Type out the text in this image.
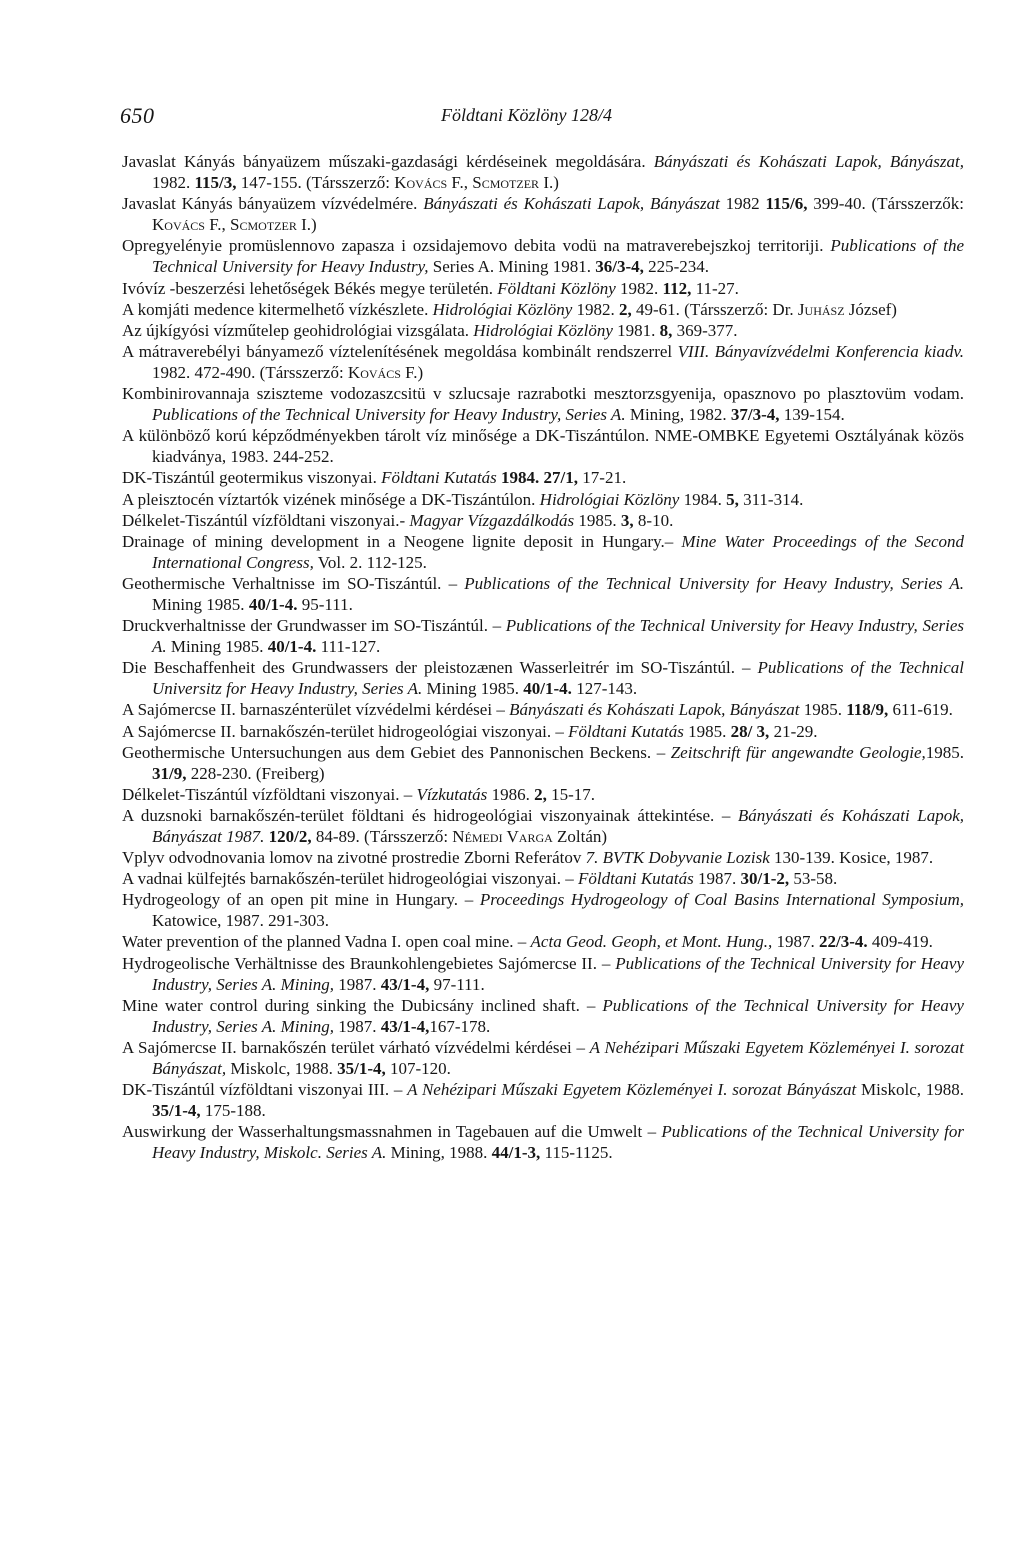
650	Földtani Közlöny 128/4
Javaslat Kányás bányaüzem műszaki-gazdasági kérdéseinek megoldására. Bányászati és Kohászati Lapok, Bányászat, 1982. 115/3, 147-155. (Társszerző: Kovács F., Scmotzer I.)
Javaslat Kányás bányaüzem vízvédelmére. Bányászati és Kohászati Lapok, Bányászat 1982 115/6, 399-40. (Társszerzők: Kovács F., Scmotzer I.)
Opregyelényie promüslennovo zapasza i ozsidajemovo debita vodü na matraverebejszkoj territoriji. Publications of the Technical University for Heavy Industry, Series A. Mining 1981. 36/3-4, 225-234.
Ivóvíz -beszerzési lehetőségek Békés megye területén. Földtani Közlöny 1982. 112, 11-27.
A komjáti medence kitermelhető vízkészlete. Hidrológiai Közlöny 1982. 2, 49-61. (Társszerző: Dr. Juhász József)
Az újkígyósi vízműtelep geohidrológiai vizsgálata. Hidrológiai Közlöny 1981. 8, 369-377.
A mátraverebélyi bányamező víztelenítésének megoldása kombinált rendszerrel VIII. Bányavízvédelmi Konferencia kiadv. 1982. 472-490. (Társszerző: Kovács F.)
Kombinirovannaja sziszteme vodozaszcsitü v szlucsaje razrabotki mesztorzsgyenija, opasznovo po plasztovüm vodam. Publications of the Technical University for Heavy Industry, Series A. Mining, 1982. 37/3-4, 139-154.
A különböző korú képződményekben tárolt víz minősége a DK-Tiszántúlon. NME-OMBKE Egyetemi Osztályának közös kiadványa, 1983. 244-252.
DK-Tiszántúl geotermikus viszonyai. Földtani Kutatás 1984. 27/1, 17-21.
A pleisztocén víztartók vizének minősége a DK-Tiszántúlon. Hidrológiai Közlöny 1984. 5, 311-314.
Délkelet-Tiszántúl vízföldtani viszonyai.- Magyar Vízgazdálkodás 1985. 3, 8-10.
Drainage of mining development in a Neogene lignite deposit in Hungary.– Mine Water Proceedings of the Second International Congress, Vol. 2. 112-125.
Geothermische Verhaltnisse im SO-Tiszántúl. – Publications of the Technical University for Heavy Industry, Series A. Mining 1985. 40/1-4. 95-111.
Druckverhaltnisse der Grundwasser im SO-Tiszántúl. – Publications of the Technical University for Heavy Industry, Series A. Mining 1985. 40/1-4. 111-127.
Die Beschaffenheit des Grundwassers der pleistozænen Wasserleitrér im SO-Tiszántúl. – Publications of the Technical Universitz for Heavy Industry, Series A. Mining 1985. 40/1-4. 127-143.
A Sajómercse II. barnaszénterület vízvédelmi kérdései – Bányászati és Kohászati Lapok, Bányászat 1985. 118/9, 611-619.
A Sajómercse II. barnakőszén-terület hidrogeológiai viszonyai. – Földtani Kutatás 1985. 28/ 3, 21-29.
Geothermische Untersuchungen aus dem Gebiet des Pannonischen Beckens. – Zeitschrift für angewandte Geologie,1985. 31/9, 228-230. (Freiberg)
Délkelet-Tiszántúl vízföldtani viszonyai. – Vízkutatás 1986. 2, 15-17.
A duzsnoki barnakőszén-terület földtani és hidrogeológiai viszonyainak áttekintése. – Bányászati és Kohászati Lapok, Bányászat 1987. 120/2, 84-89. (Társszerző: Némedi Varga Zoltán)
Vplyv odvodnovania lomov na zivotné prostredie Zborni Referátov 7. BVTK Dobyvanie Lozisk 130-139. Kosice, 1987.
A vadnai külfejtés barnakőszén-terület hidrogeológiai viszonyai. – Földtani Kutatás 1987. 30/1-2, 53-58.
Hydrogeology of an open pit mine in Hungary. – Proceedings Hydrogeology of Coal Basins International Symposium, Katowice, 1987. 291-303.
Water prevention of the planned Vadna I. open coal mine. – Acta Geod. Geoph, et Mont. Hung., 1987. 22/3-4. 409-419.
Hydrogeolische Verhältnisse des Braunkohlengebietes Sajómercse II. – Publications of the Technical University for Heavy Industry, Series A. Mining, 1987. 43/1-4, 97-111.
Mine water control during sinking the Dubicsány inclined shaft. – Publications of the Technical University for Heavy Industry, Series A. Mining, 1987. 43/1-4,167-178.
A Sajómercse II. barnakőszén terület várható vízvédelmi kérdései – A Nehézipari Műszaki Egyetem Közleményei I. sorozat Bányászat, Miskolc, 1988. 35/1-4, 107-120.
DK-Tiszántúl vízföldtani viszonyai III. – A Nehézipari Műszaki Egyetem Közleményei I. sorozat Bányászat Miskolc, 1988. 35/1-4, 175-188.
Auswirkung der Wasserhaltungsmassnahmen in Tagebauen auf die Umwelt – Publications of the Technical University for Heavy Industry, Miskolc. Series A. Mining, 1988. 44/1-3, 115-1125.
